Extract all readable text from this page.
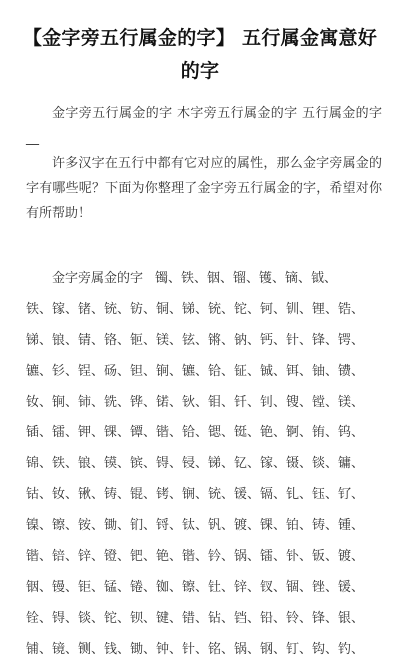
【金字旁五行属金的字】 五行属金寓意好的字
金字旁五行属金的字 木字旁五行属金的字 五行属金的字__
许多汉字在五行中都有它对应的属性，那么金字旁属金的字有哪些呢？下面为你整理了金字旁五行属金的字，希望对你有所帮助！
金字旁属金的字 镯、铁、铟、镏、镬、镝、钺、
铁、镓、锗、铳、钫、铜、锑、铳、铊、钶、钏、锂、锆、
锑、锒、锖、铬、钷、镁、铉、锵、钠、钙、针、锋、锷、
镳、钐、锃、砀、钽、锏、镳、铪、钲、铖、铒、铀、镄、
钕、锏、铈、铣、铧、锘、钬、钼、钎、钊、锼、镗、镁、
锸、镭、钾、锞、镡、锴、铪、锶、铤、铯、锕、铕、钨、
锦、铁、锒、镆、镔、锝、锓、锑、钇、镓、镊、锬、镛、
钴、钕、锹、铸、锟、铐、锎、铳、锾、镉、钆、钰、钌、
镍、镲、铵、锄、钔、锊、钛、钒、镀、锞、铂、铸、锺、
锴、锫、锌、镫、钯、铯、锴、钤、锅、镭、钋、钣、镀、
铟、镘、钜、锰、锩、铷、镲、钍、锌、钗、锢、锉、锾、
铨、锝、锬、铊、钡、键、错、钻、铛、铅、铃、锋、银、
铺、镜、铡、钱、锄、钟、针、铭、锅、钢、钉、钩、钓、
